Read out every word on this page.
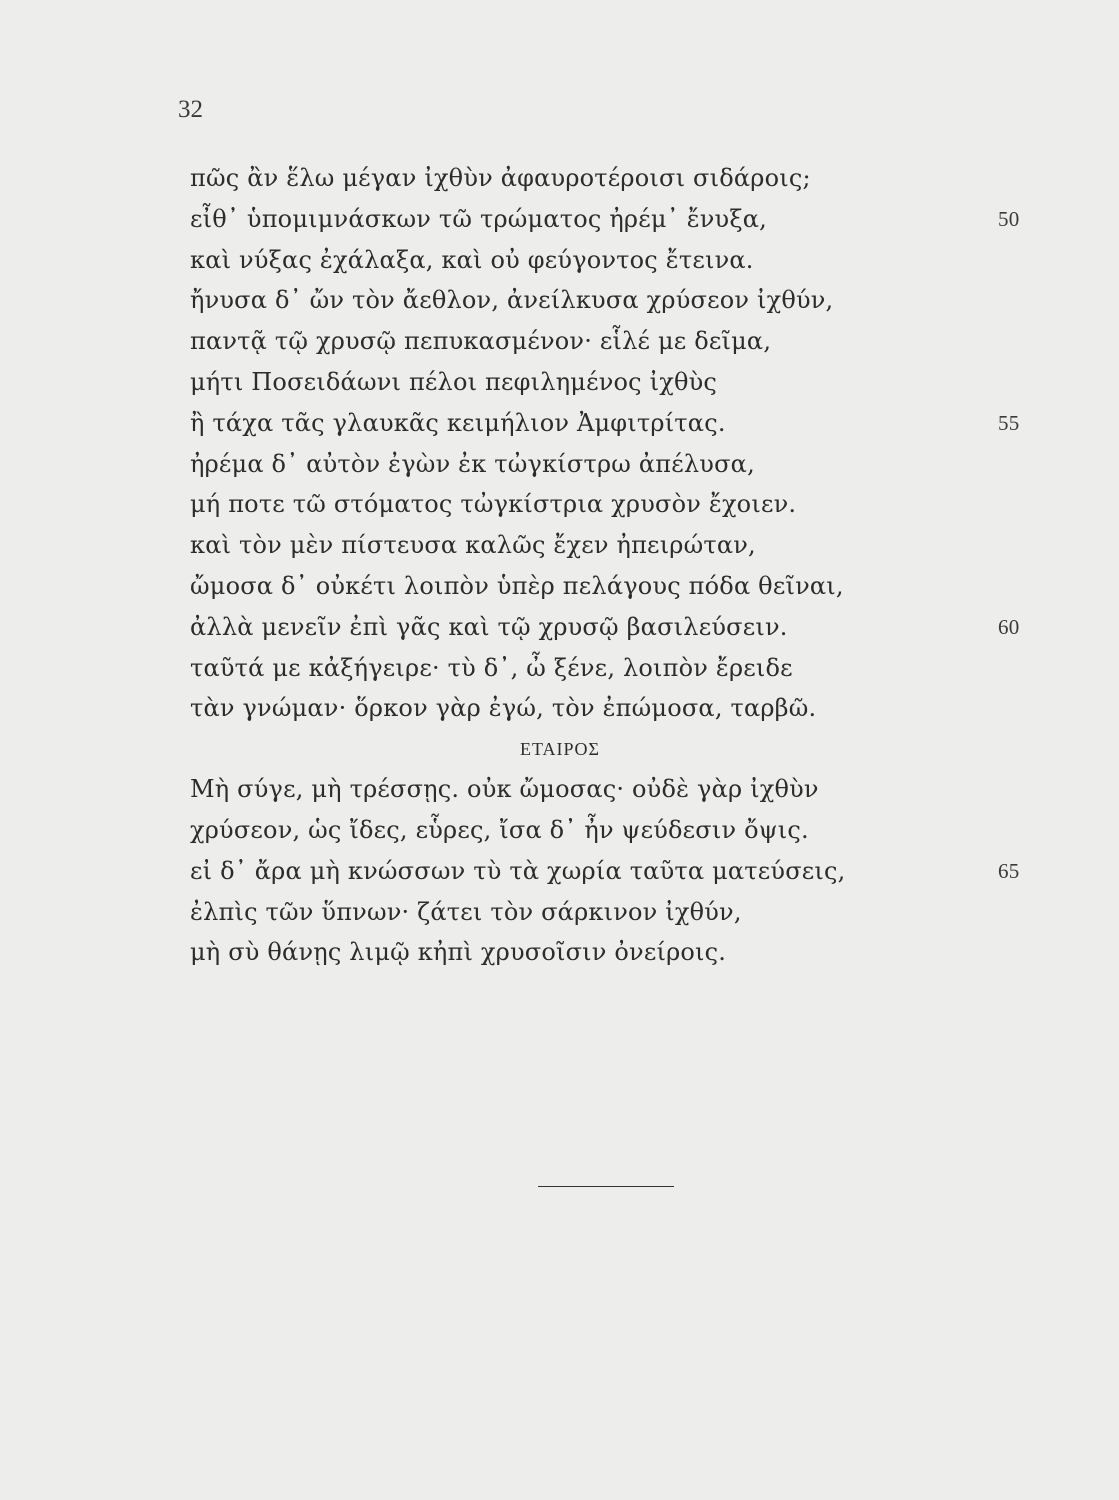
32
πῶς ἂν ἕλω μέγαν ἰχθὺν ἀφαυροτέροισι σιδάροις;
εἶθ᾽ ὑπομιμνάσκων τῶ τρώματος ἠρέμ᾽ ἔνυξα,	50
καὶ νύξας ἐχάλαξα, καὶ οὐ φεύγοντος ἔτεινα.
ἤνυσα δ᾽ ὤν τὸν ἄεθλον, ἀνείλκυσα χρύσεον ἰχθύν,
παντᾷ τῷ χρυσῷ πεπυκασμένον· εἷλέ με δεῖμα,
μήτι Ποσειδάωνι πέλοι πεφιλημένος ἰχθὺς
ἢ τάχα τᾶς γλαυκᾶς κειμήλιον Ἀμφιτρίτας.	55
ἠρέμα δ᾽ αὐτὸν ἐγὼν ἐκ τὠγκίστρω ἀπέλυσα,
μή ποτε τῶ στόματος τὠγκίστρια χρυσὸν ἔχοιεν.
καὶ τὸν μὲν πίστευσα καλῶς ἔχεν ἠπειρώταν,
ὤμοσα δ᾽ οὐκέτι λοιπὸν ὑπὲρ πελάγους πόδα θεῖναι,
ἀλλὰ μενεῖν ἐπὶ γᾶς καὶ τῷ χρυσῷ βασιλεύσειν.	60
ταῦτά με κἀξήγειρε· τὺ δ᾽, ὦ ξένε, λοιπὸν ἔρειδε
τὰν γνώμαν· ὅρκον γὰρ ἐγώ, τὸν ἐπώμοσα, ταρβῶ.
ΕΤΑΙΡΟΣ
Μὴ σύγε, μὴ τρέσσῃς. οὐκ ὤμοσας· οὐδὲ γὰρ ἰχθὺν
χρύσεον, ὡς ἴδες, εὗρες, ἴσα δ᾽ ἦν ψεύδεσιν ὄψις.
εἰ δ᾽ ἄρα μὴ κνώσσων τὺ τὰ χωρία ταῦτα ματεύσεις,	65
ἐλπὶς τῶν ὕπνων· ζάτει τὸν σάρκινον ἰχθύν,
μὴ σὺ θάνῃς λιμῷ κἠπὶ χρυσοῖσιν ὀνείροις.
